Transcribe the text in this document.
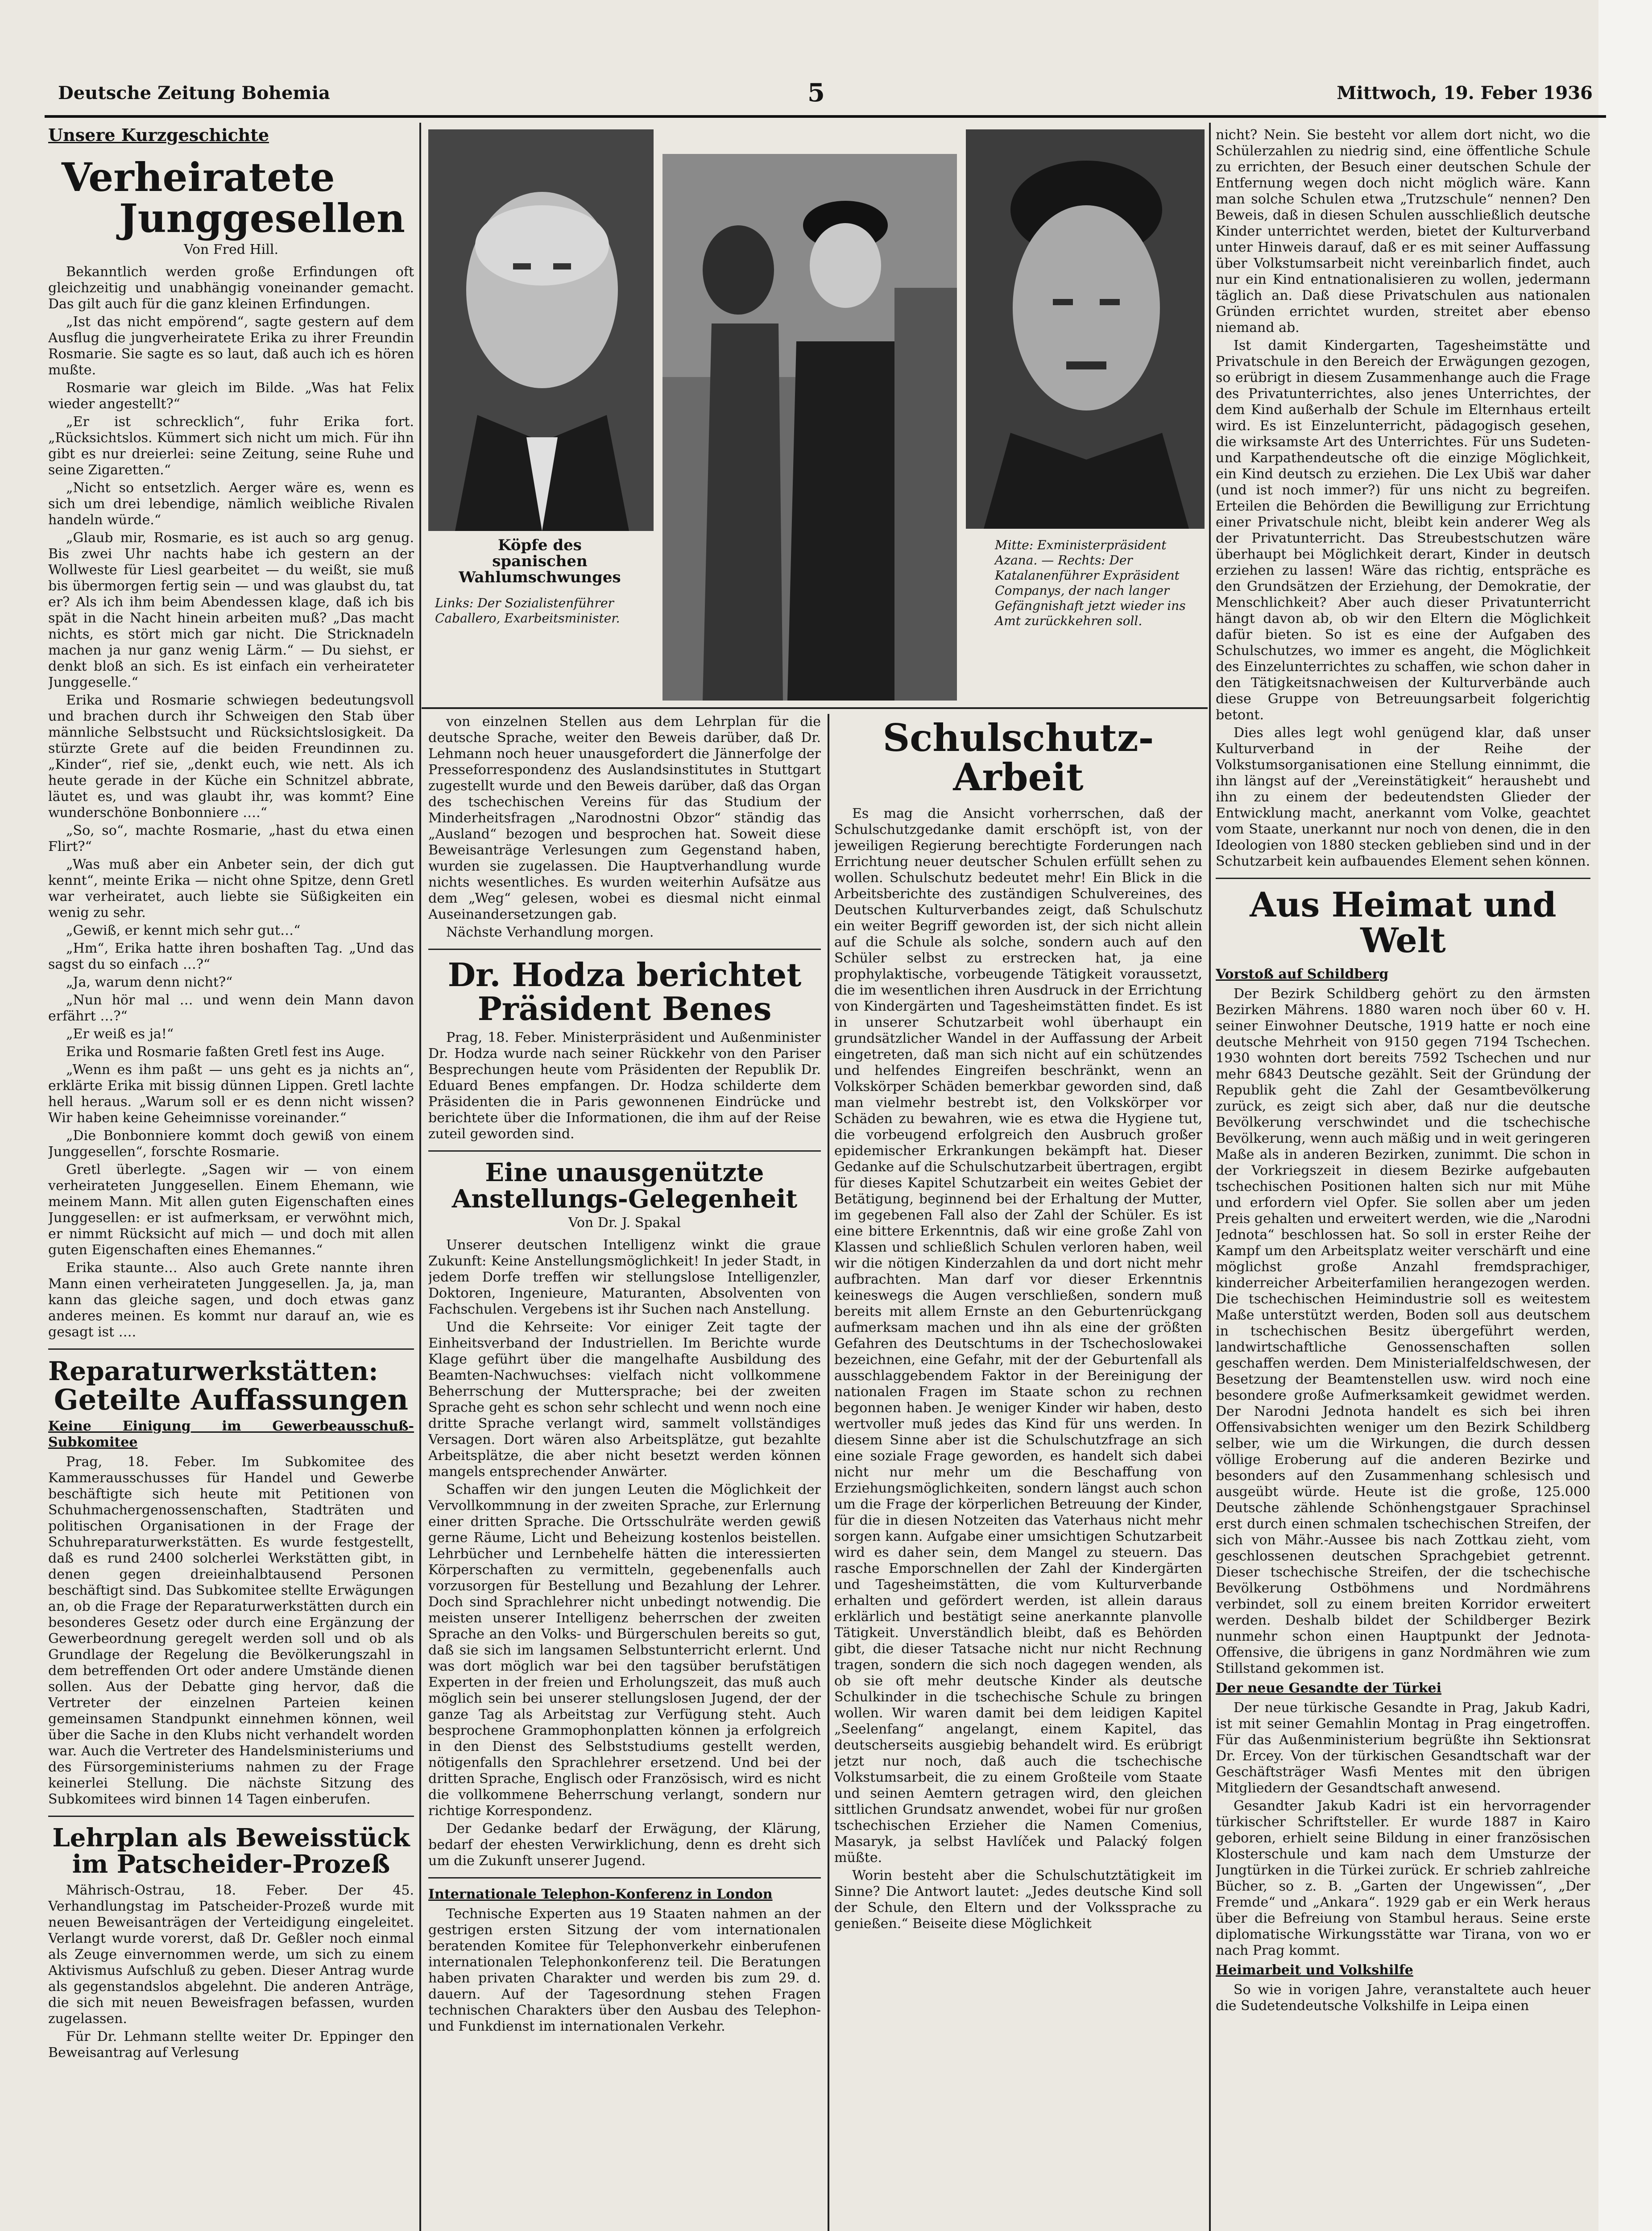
Deutsche Zeitung Bohemia	5	Mittwoch, 19. Feber 1936
Unsere Kurzgeschichte
Verheiratete
Junggesellen
Von Fred Hill.

Bekanntlich werden große Erfindungen oft gleichzeitig und unabhängig voneinander gemacht. Das gilt auch für die ganz kleinen Erfindungen.

„Ist das nicht empörend“, sagte gestern auf dem Ausflug die jungverheiratete Erika zu ihrer Freundin Rosmarie. Sie sagte es so laut, daß auch ich es hören mußte.

Rosmarie war gleich im Bilde. „Was hat Felix wieder angestellt?“

„Er ist schrecklich“, fuhr Erika fort. „Rücksichtslos. Kümmert sich nicht um mich. Für ihn gibt es nur dreierlei: seine Zeitung, seine Ruhe und seine Zigaretten.“

„Nicht so entsetzlich. Aerger wäre es, wenn es sich um drei lebendige, nämlich weibliche Rivalen handeln würde.“

„Glaub mir, Rosmarie, es ist auch so arg genug. Bis zwei Uhr nachts habe ich gestern an der Wollweste für Liesl gearbeitet — du weißt, sie muß bis übermorgen fertig sein — und was glaubst du, tat er? Als ich ihm beim Abendessen klage, daß ich bis spät in die Nacht hinein arbeiten muß? „Das macht nichts, es stört mich gar nicht. Die Stricknadeln machen ja nur ganz wenig Lärm.“ — Du siehst, er denkt bloß an sich. Es ist einfach ein verheirateter Junggeselle.“

Erika und Rosmarie schwiegen bedeutungsvoll und brachen durch ihr Schweigen den Stab über männliche Selbstsucht und Rücksichtslosigkeit. Da stürzte Grete auf die beiden Freundinnen zu. „Kinder“, rief sie, „denkt euch, wie nett. Als ich heute gerade in der Küche ein Schnitzel abbrate, läutet es, und was glaubt ihr, was kommt? Eine wunderschöne Bonbonniere ….“

„So, so“, machte Rosmarie, „hast du etwa einen Flirt?“

„Was muß aber ein Anbeter sein, der dich gut kennt“, meinte Erika — nicht ohne Spitze, denn Gretl war verheiratet, auch liebte sie Süßigkeiten ein wenig zu sehr.

„Gewiß, er kennt mich sehr gut…“

„Hm“, Erika hatte ihren boshaften Tag. „Und das sagst du so einfach …?“

„Ja, warum denn nicht?“

„Nun hör mal … und wenn dein Mann davon erfährt …?“

„Er weiß es ja!“

Erika und Rosmarie faßten Gretl fest ins Auge.

„Wenn es ihm paßt — uns geht es ja nichts an“, erklärte Erika mit bissig dünnen Lippen. Gretl lachte hell heraus. „Warum soll er es denn nicht wissen? Wir haben keine Geheimnisse voreinander.“

„Die Bonbonniere kommt doch gewiß von einem Junggesellen“, forschte Rosmarie.

Gretl überlegte. „Sagen wir — von einem verheirateten Junggesellen. Einem Ehemann, wie meinem Mann. Mit allen guten Eigenschaften eines Junggesellen: er ist aufmerksam, er verwöhnt mich, er nimmt Rücksicht auf mich — und doch mit allen guten Eigenschaften eines Ehemannes.“

Erika staunte… Also auch Grete nannte ihren Mann einen verheirateten Junggesellen. Ja, ja, man kann das gleiche sagen, und doch etwas ganz anderes meinen. Es kommt nur darauf an, wie es gesagt ist ….

Reparaturwerkstätten:
Geteilte Auffassungen
Keine Einigung im Gewerbeausschuß-Subkomitee

Prag, 18. Feber. Im Subkomitee des Kammerausschusses für Handel und Gewerbe beschäftigte sich heute mit Petitionen von Schuhmachergenossenschaften, Stadträten und politischen Organisationen in der Frage der Schuhreparaturwerkstätten. Es wurde festgestellt, daß es rund 2400 solcherlei Werkstätten gibt, in denen gegen dreieinhalbtausend Personen beschäftigt sind. Das Subkomitee stellte Erwägungen an, ob die Frage der Reparaturwerkstätten durch ein besonderes Gesetz oder durch eine Ergänzung der Gewerbeordnung geregelt werden soll und ob als Grundlage der Regelung die Bevölkerungszahl in dem betreffenden Ort oder andere Umstände dienen sollen. Aus der Debatte ging hervor, daß die Vertreter der einzelnen Parteien keinen gemeinsamen Standpunkt einnehmen können, weil über die Sache in den Klubs nicht verhandelt worden war. Auch die Vertreter des Handelsministeriums und des Fürsorgeministeriums nahmen zu der Frage keinerlei Stellung. Die nächste Sitzung des Subkomitees wird binnen 14 Tagen einberufen.

Lehrplan als Beweisstück
im Patscheider-Prozeß

Mährisch-Ostrau, 18. Feber. Der 45. Verhandlungstag im Patscheider-Prozeß wurde mit neuen Beweisanträgen der Verteidigung eingeleitet. Verlangt wurde vorerst, daß Dr. Geßler noch einmal als Zeuge einvernommen werde, um sich zu einem Aktivismus Aufschluß zu geben. Dieser Antrag wurde als gegenstandslos abgelehnt. Die anderen Anträge, die sich mit neuen Beweisfragen befassen, wurden zugelassen.

Für Dr. Lehmann stellte weiter Dr. Eppinger den Beweisantrag auf Verlesung

Köpfe des
spanischen
Wahlumschwunges
Links: Der Sozialistenführer Caballero, Exarbeitsminister.
Mitte: Exministerpräsident Azana. — Rechts: Der Katalanenführer Expräsident Companys, der nach langer Gefängnishaft jetzt wieder ins Amt zurückkehren soll.

von einzelnen Stellen aus dem Lehrplan für die deutsche Sprache, weiter den Beweis darüber, daß Dr. Lehmann noch heuer unausgefordert die Jännerfolge der Presseforrespondenz des Auslandsinstitutes in Stuttgart zugestellt wurde und den Beweis darüber, daß das Organ des tschechischen Vereins für das Studium der Minderheitsfragen „Narodnostni Obzor“ ständig das „Ausland“ bezogen und besprochen hat. Soweit diese Beweisanträge Verlesungen zum Gegenstand haben, wurden sie zugelassen. Die Hauptverhandlung wurde nichts wesentliches. Es wurden weiterhin Aufsätze aus dem „Weg“ gelesen, wobei es diesmal nicht einmal Auseinandersetzungen gab.

Nächste Verhandlung morgen.

Dr. Hodza berichtet
Präsident Benes

Prag, 18. Feber. Ministerpräsident und Außenminister Dr. Hodza wurde nach seiner Rückkehr von den Pariser Besprechungen heute vom Präsidenten der Republik Dr. Eduard Benes empfangen. Dr. Hodza schilderte dem Präsidenten die in Paris gewonnenen Eindrücke und berichtete über die Informationen, die ihm auf der Reise zuteil geworden sind.

Eine unausgenützte
Anstellungs-Gelegenheit
Von Dr. J. Spakal

Unserer deutschen Intelligenz winkt die graue Zukunft: Keine Anstellungsmöglichkeit! In jeder Stadt, in jedem Dorfe treffen wir stellungslose Intelligenzler, Doktoren, Ingenieure, Maturanten, Absolventen von Fachschulen. Vergebens ist ihr Suchen nach Anstellung.

Und die Kehrseite: Vor einiger Zeit tagte der Einheitsverband der Industriellen. Im Berichte wurde Klage geführt über die mangelhafte Ausbildung des Beamten-Nachwuchses: vielfach nicht vollkommene Beherrschung der Muttersprache; bei der zweiten Sprache geht es schon sehr schlecht und wenn noch eine dritte Sprache verlangt wird, sammelt vollständiges Versagen. Dort wären also Arbeitsplätze, gut bezahlte Arbeitsplätze, die aber nicht besetzt werden können mangels entsprechender Anwärter.

Schaffen wir den jungen Leuten die Möglichkeit der Vervollkommnung in der zweiten Sprache, zur Erlernung einer dritten Sprache. Die Ortsschulräte werden gewiß gerne Räume, Licht und Beheizung kostenlos beistellen. Lehrbücher und Lernbehelfe hätten die interessierten Körperschaften zu vermitteln, gegebenenfalls auch vorzusorgen für Bestellung und Bezahlung der Lehrer. Doch sind Sprachlehrer nicht unbedingt notwendig. Die meisten unserer Intelligenz beherrschen der zweiten Sprache an den Volks- und Bürgerschulen bereits so gut, daß sie sich im langsamen Selbstunterricht erlernt. Und was dort möglich war bei den tagsüber berufstätigen Experten in der freien und Erholungszeit, das muß auch möglich sein bei unserer stellungslosen Jugend, der der ganze Tag als Arbeitstag zur Verfügung steht. Auch besprochene Grammophonplatten können ja erfolgreich in den Dienst des Selbststudiums gestellt werden, nötigenfalls den Sprachlehrer ersetzend. Und bei der dritten Sprache, Englisch oder Französisch, wird es nicht die vollkommene Beherrschung verlangt, sondern nur richtige Korrespondenz.

Der Gedanke bedarf der Erwägung, der Klärung, bedarf der ehesten Verwirklichung, denn es dreht sich um die Zukunft unserer Jugend.

Internationale Telephon-Konferenz in London

Technische Experten aus 19 Staaten nahmen an der gestrigen ersten Sitzung der vom internationalen beratenden Komitee für Telephonverkehr einberufenen internationalen Telephonkonferenz teil. Die Beratungen haben privaten Charakter und werden bis zum 29. d. dauern. Auf der Tagesordnung stehen Fragen technischen Charakters über den Ausbau des Telephon- und Funkdienst im internationalen Verkehr.

Schulschutz-Arbeit

Es mag die Ansicht vorherrschen, daß der Schulschutzgedanke damit erschöpft ist, von der jeweiligen Regierung berechtigte Forderungen nach Errichtung neuer deutscher Schulen erfüllt sehen zu wollen. Schulschutz bedeutet mehr! Ein Blick in die Arbeitsberichte des zuständigen Schulvereines, des Deutschen Kulturverbandes zeigt, daß Schulschutz ein weiter Begriff geworden ist, der sich nicht allein auf die Schule als solche, sondern auch auf den Schüler selbst zu erstrecken hat, ja eine prophylaktische, vorbeugende Tätigkeit voraussetzt, die im wesentlichen ihren Ausdruck in der Errichtung von Kindergärten und Tagesheimstätten findet. Es ist in unserer Schutzarbeit wohl überhaupt ein grundsätzlicher Wandel in der Auffassung der Arbeit eingetreten, daß man sich nicht auf ein schützendes und helfendes Eingreifen beschränkt, wenn an Volkskörper Schäden bemerkbar geworden sind, daß man vielmehr bestrebt ist, den Volkskörper vor Schäden zu bewahren, wie es etwa die Hygiene tut, die vorbeugend erfolgreich den Ausbruch großer epidemischer Erkrankungen bekämpft hat. Dieser Gedanke auf die Schulschutzarbeit übertragen, ergibt für dieses Kapitel Schutzarbeit ein weites Gebiet der Betätigung, beginnend bei der Erhaltung der Mutter, im gegebenen Fall also der Zahl der Schüler. Es ist eine bittere Erkenntnis, daß wir eine große Zahl von Klassen und schließlich Schulen verloren haben, weil wir die nötigen Kinderzahlen da und dort nicht mehr aufbrachten. Man darf vor dieser Erkenntnis keineswegs die Augen verschließen, sondern muß bereits mit allem Ernste an den Geburtenrückgang aufmerksam machen und ihn als eine der größten Gefahren des Deutschtums in der Tschechoslowakei bezeichnen, eine Gefahr, mit der der Geburtenfall als ausschlaggebendem Faktor in der Bereinigung der nationalen Fragen im Staate schon zu rechnen begonnen haben. Je weniger Kinder wir haben, desto wertvoller muß jedes das Kind für uns werden. In diesem Sinne aber ist die Schulschutzfrage an sich eine soziale Frage geworden, es handelt sich dabei nicht nur mehr um die Beschaffung von Erziehungsmöglichkeiten, sondern längst auch schon um die Frage der körperlichen Betreuung der Kinder, für die in diesen Notzeiten das Vaterhaus nicht mehr sorgen kann. Aufgabe einer umsichtigen Schutzarbeit wird es daher sein, dem Mangel zu steuern. Das rasche Emporschnellen der Zahl der Kindergärten und Tagesheimstätten, die vom Kulturverbande erhalten und gefördert werden, ist allein daraus erklärlich und bestätigt seine anerkannte planvolle Tätigkeit. Unverständlich bleibt, daß es Behörden gibt, die dieser Tatsache nicht nur nicht Rechnung tragen, sondern die sich noch dagegen wenden, als ob sie oft mehr deutsche Kinder als deutsche Schulkinder in die tschechische Schule zu bringen wollen. Wir waren damit bei dem leidigen Kapitel „Seelenfang“ angelangt, einem Kapitel, das deutscherseits ausgiebig behandelt wird. Es erübrigt jetzt nur noch, daß auch die tschechische Volkstumsarbeit, die zu einem Großteile vom Staate und seinen Aemtern getragen wird, den gleichen sittlichen Grundsatz anwendet, wobei für nur großen tschechischen Erzieher die Namen Comenius, Masaryk, ja selbst Havlíček und Palacký folgen müßte.

Worin besteht aber die Schulschutztätigkeit im Sinne? Die Antwort lautet: „Jedes deutsche Kind soll der Schule, den Eltern und der Volkssprache zu genießen.“ Beiseite diese Möglichkeit

nicht? Nein. Sie besteht vor allem dort nicht, wo die Schülerzahlen zu niedrig sind, eine öffentliche Schule zu errichten, der Besuch einer deutschen Schule der Entfernung wegen doch nicht möglich wäre. Kann man solche Schulen etwa „Trutzschule“ nennen? Den Beweis, daß in diesen Schulen ausschließlich deutsche Kinder unterrichtet werden, bietet der Kulturverband unter Hinweis darauf, daß er es mit seiner Auffassung über Volkstumsarbeit nicht vereinbarlich findet, auch nur ein Kind entnationalisieren zu wollen, jedermann täglich an. Daß diese Privatschulen aus nationalen Gründen errichtet wurden, streitet aber ebenso niemand ab.

Ist damit Kindergarten, Tagesheimstätte und Privatschule in den Bereich der Erwägungen gezogen, so erübrigt in diesem Zusammenhange auch die Frage des Privatunterrichtes, also jenes Unterrichtes, der dem Kind außerhalb der Schule im Elternhaus erteilt wird. Es ist Einzelunterricht, pädagogisch gesehen, die wirksamste Art des Unterrichtes. Für uns Sudeten- und Karpathendeutsche oft die einzige Möglichkeit, ein Kind deutsch zu erziehen. Die Lex Ubiš war daher (und ist noch immer?) für uns nicht zu begreifen. Erteilen die Behörden die Bewilligung zur Errichtung einer Privatschule nicht, bleibt kein anderer Weg als der Privatunterricht. Das Streubestschutzen wäre überhaupt bei Möglichkeit derart, Kinder in deutsch erziehen zu lassen! Wäre das richtig, entspräche es den Grundsätzen der Erziehung, der Demokratie, der Menschlichkeit? Aber auch dieser Privatunterricht hängt davon ab, ob wir den Eltern die Möglichkeit dafür bieten. So ist es eine der Aufgaben des Schulschutzes, wo immer es angeht, die Möglichkeit des Einzelunterrichtes zu schaffen, wie schon daher in den Tätigkeitsnachweisen der Kulturverbände auch diese Gruppe von Betreuungsarbeit folgerichtig betont.

Dies alles legt wohl genügend klar, daß unser Kulturverband in der Reihe der Volkstumsorganisationen eine Stellung einnimmt, die ihn längst auf der „Vereinstätigkeit“ heraushebt und ihn zu einem der bedeutendsten Glieder der Entwicklung macht, anerkannt vom Volke, geachtet vom Staate, unerkannt nur noch von denen, die in den Ideologien von 1880 stecken geblieben sind und in der Schutzarbeit kein aufbauendes Element sehen können.

Aus Heimat und Welt
Vorstoß auf Schildberg

Der Bezirk Schildberg gehört zu den ärmsten Bezirken Mährens. 1880 waren noch über 60 v. H. seiner Einwohner Deutsche, 1919 hatte er noch eine deutsche Mehrheit von 9150 gegen 7194 Tschechen. 1930 wohnten dort bereits 7592 Tschechen und nur mehr 6843 Deutsche gezählt. Seit der Gründung der Republik geht die Zahl der Gesamtbevölkerung zurück, es zeigt sich aber, daß nur die deutsche Bevölkerung verschwindet und die tschechische Bevölkerung, wenn auch mäßig und in weit geringeren Maße als in anderen Bezirken, zunimmt. Die schon in der Vorkriegszeit in diesem Bezirke aufgebauten tschechischen Positionen halten sich nur mit Mühe und erfordern viel Opfer. Sie sollen aber um jeden Preis gehalten und erweitert werden, wie die „Narodni Jednota“ beschlossen hat. So soll in erster Reihe der Kampf um den Arbeitsplatz weiter verschärft und eine möglichst große Anzahl fremdsprachiger, kinderreicher Arbeiterfamilien herangezogen werden. Die tschechischen Heimindustrie soll es weitestem Maße unterstützt werden, Boden soll aus deutschem in tschechischen Besitz übergeführt werden, landwirtschaftliche Genossenschaften sollen geschaffen werden. Dem Ministerialfeldschwesen, der Besetzung der Beamtenstellen usw. wird noch eine besondere große Aufmerksamkeit gewidmet werden. Der Narodni Jednota handelt es sich bei ihren Offensivabsichten weniger um den Bezirk Schildberg selber, wie um die Wirkungen, die durch dessen völlige Eroberung auf die anderen Bezirke und besonders auf den Zusammenhang schlesisch und ausgeübt würde. Heute ist die große, 125.000 Deutsche zählende Schönhengstgauer Sprachinsel erst durch einen schmalen tschechischen Streifen, der sich von Mähr.-Aussee bis nach Zottkau zieht, vom geschlossenen deutschen Sprachgebiet getrennt. Dieser tschechische Streifen, der die tschechische Bevölkerung Ostböhmens und Nordmährens verbindet, soll zu einem breiten Korridor erweitert werden. Deshalb bildet der Schildberger Bezirk nunmehr schon einen Hauptpunkt der Jednota-Offensive, die übrigens in ganz Nordmähren wie zum Stillstand gekommen ist.

Der neue Gesandte der Türkei

Der neue türkische Gesandte in Prag, Jakub Kadri, ist mit seiner Gemahlin Montag in Prag eingetroffen. Für das Außenministerium begrüßte ihn Sektionsrat Dr. Ercey. Von der türkischen Gesandtschaft war der Geschäftsträger Wasfi Mentes mit den übrigen Mitgliedern der Gesandtschaft anwesend.

Gesandter Jakub Kadri ist ein hervorragender türkischer Schriftsteller. Er wurde 1887 in Kairo geboren, erhielt seine Bildung in einer französischen Klosterschule und kam nach dem Umsturze der Jungtürken in die Türkei zurück. Er schrieb zahlreiche Bücher, so z. B. „Garten der Ungewissen“, „Der Fremde“ und „Ankara“. 1929 gab er ein Werk heraus über die Befreiung von Stambul heraus. Seine erste diplomatische Wirkungsstätte war Tirana, von wo er nach Prag kommt.

Heimarbeit und Volkshilfe

So wie in vorigen Jahre, veranstaltete auch heuer die Sudetendeutsche Volkshilfe in Leipa einen
